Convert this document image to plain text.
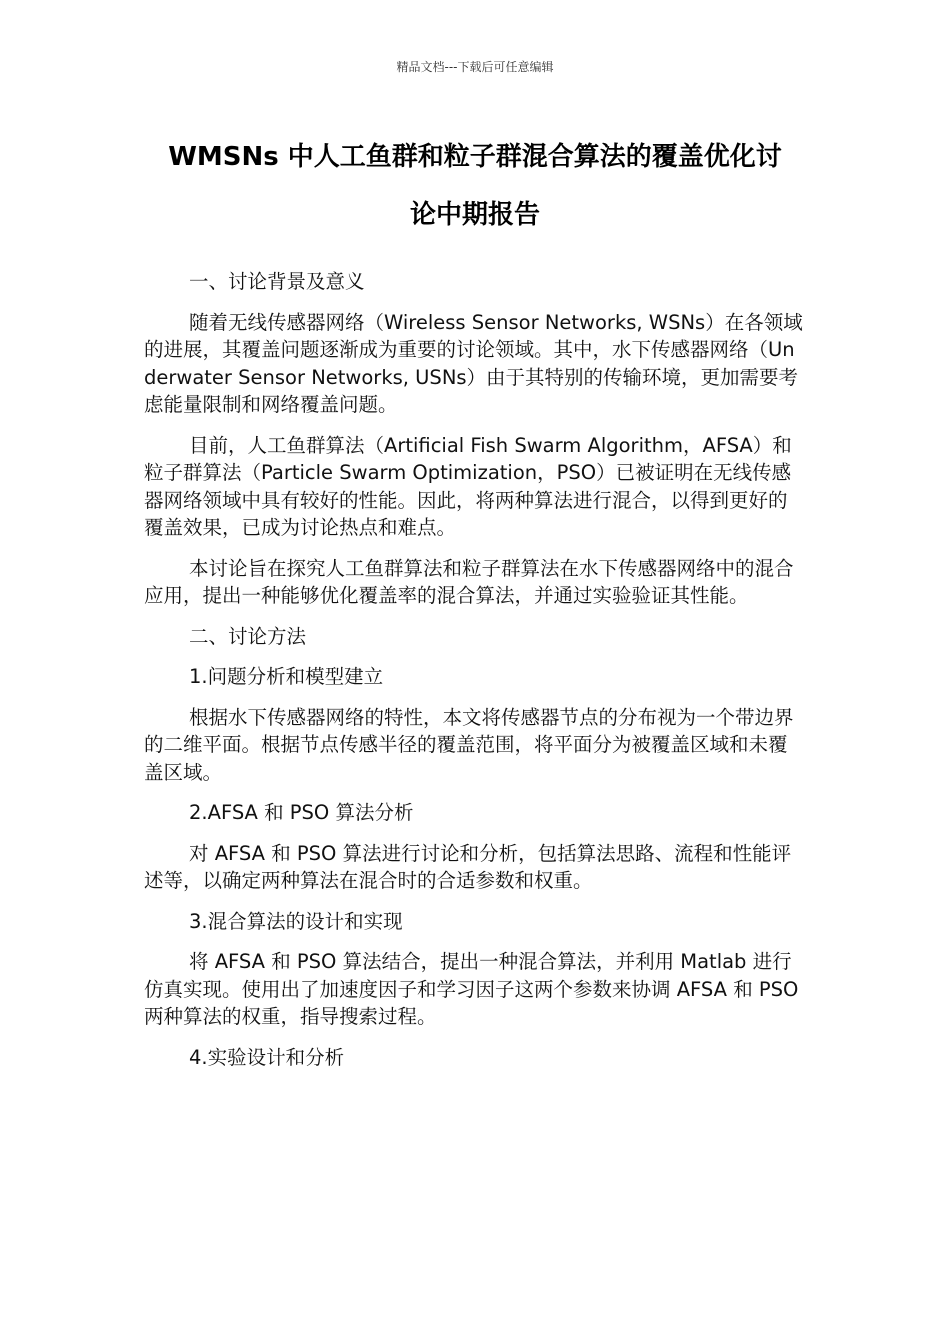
精品文档---下载后可任意编辑
WMSNs 中人工鱼群和粒子群混合算法的覆盖优化讨
论中期报告
一、讨论背景及意义
随着无线传感器网络（Wireless Sensor Networks, WSNs）在各领域的进展，其覆盖问题逐渐成为重要的讨论领域。其中，水下传感器网络（Underwater Sensor Networks, USNs）由于其特别的传输环境，更加需要考虑能量限制和网络覆盖问题。
目前，人工鱼群算法（Artificial Fish Swarm Algorithm，AFSA）和粒子群算法（Particle Swarm Optimization，PSO）已被证明在无线传感器网络领域中具有较好的性能。因此，将两种算法进行混合，以得到更好的覆盖效果，已成为讨论热点和难点。
本讨论旨在探究人工鱼群算法和粒子群算法在水下传感器网络中的混合应用，提出一种能够优化覆盖率的混合算法，并通过实验验证其性能。
二、讨论方法
1.问题分析和模型建立
根据水下传感器网络的特性，本文将传感器节点的分布视为一个带边界的二维平面。根据节点传感半径的覆盖范围，将平面分为被覆盖区域和未覆盖区域。
2.AFSA 和 PSO 算法分析
对 AFSA 和 PSO 算法进行讨论和分析，包括算法思路、流程和性能评述等，以确定两种算法在混合时的合适参数和权重。
3.混合算法的设计和实现
将 AFSA 和 PSO 算法结合，提出一种混合算法，并利用 Matlab 进行仿真实现。使用出了加速度因子和学习因子这两个参数来协调 AFSA 和 PSO 两种算法的权重，指导搜索过程。
4.实验设计和分析
